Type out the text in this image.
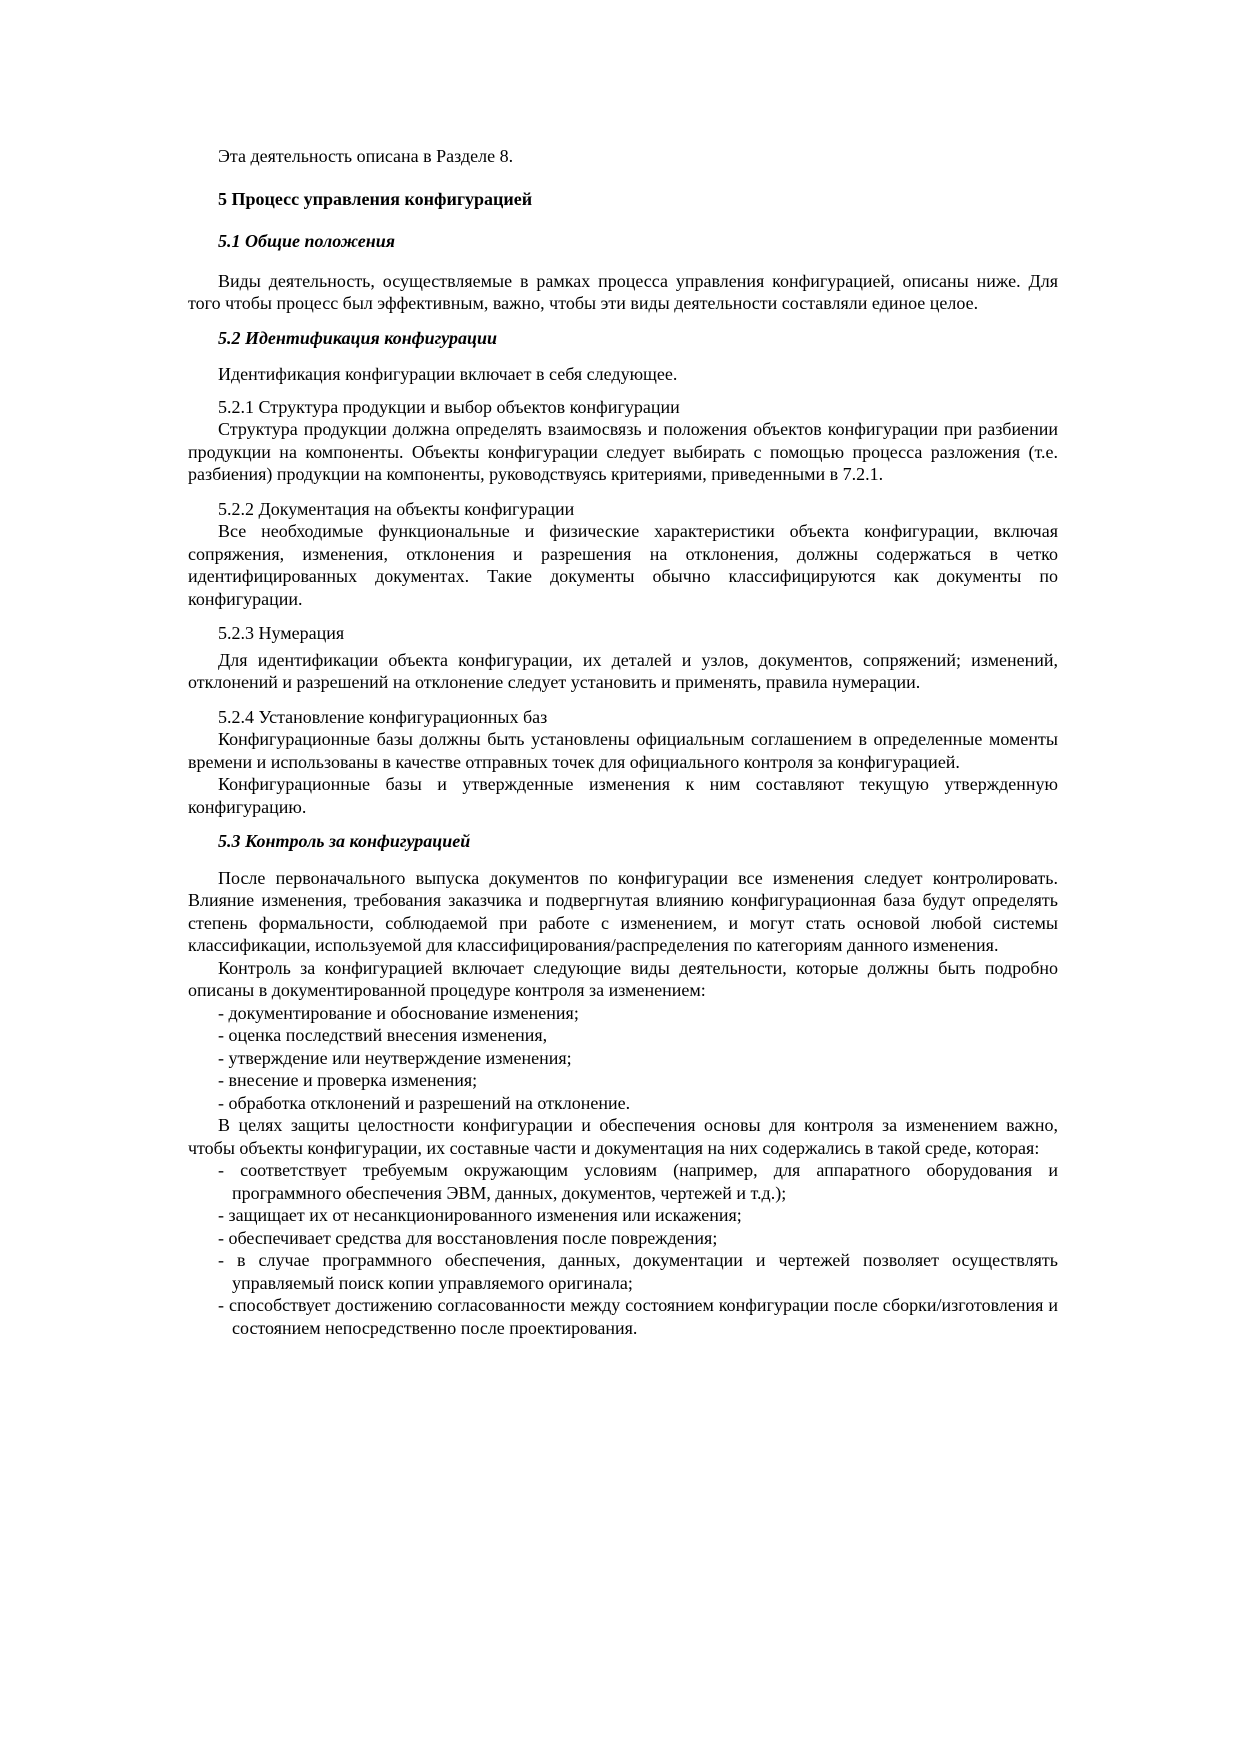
Эта деятельность описана в Разделе 8.

5 Процесс управления конфигурацией

5.1 Общие положения

Виды деятельность, осуществляемые в рамках процесса управления конфигурацией, описаны ниже. Для того чтобы процесс был эффективным, важно, чтобы эти виды деятельности составляли единое целое.

5.2 Идентификация конфигурации

Идентификация конфигурации включает в себя следующее.

5.2.1 Структура продукции и выбор объектов конфигурации

Структура продукции должна определять взаимосвязь и положения объектов конфигурации при разбиении продукции на компоненты. Объекты конфигурации следует выбирать с помощью процесса разложения (т.е. разбиения) продукции на компоненты, руководствуясь критериями, приведенными в 7.2.1.

5.2.2 Документация на объекты конфигурации

Все необходимые функциональные и физические характеристики объекта конфигурации, включая сопряжения, изменения, отклонения и разрешения на отклонения, должны содержаться в четко идентифицированных документах. Такие документы обычно классифицируются как документы по конфигурации.

5.2.3 Нумерация

Для идентификации объекта конфигурации, их деталей и узлов, документов, сопряжений; изменений, отклонений и разрешений на отклонение следует установить и применять, правила нумерации.

5.2.4 Установление конфигурационных баз

Конфигурационные базы должны быть установлены официальным соглашением в определенные моменты времени и использованы в качестве отправных точек для официального контроля за конфигурацией.

Конфигурационные базы и утвержденные изменения к ним составляют текущую утвержденную конфигурацию.

5.3 Контроль за конфигурацией

После первоначального выпуска документов по конфигурации все изменения следует контролировать. Влияние изменения, требования заказчика и подвергнутая влиянию конфигурационная база будут определять степень формальности, соблюдаемой при работе с изменением, и могут стать основой любой системы классификации, используемой для классифицирования/распределения по категориям данного изменения.

Контроль за конфигурацией включает следующие виды деятельности, которые должны быть подробно описаны в документированной процедуре контроля за изменением:

- документирование и обоснование изменения;

- оценка последствий внесения изменения,

- утверждение или неутверждение изменения;

- внесение и проверка изменения;

- обработка отклонений и разрешений на отклонение.

В целях защиты целостности конфигурации и обеспечения основы для контроля за изменением важно, чтобы объекты конфигурации, их составные части и документация на них содержались в такой среде, которая:

- соответствует требуемым окружающим условиям (например, для аппаратного оборудования и программного обеспечения ЭВМ, данных, документов, чертежей и т.д.);

- защищает их от несанкционированного изменения или искажения;

- обеспечивает средства для восстановления после повреждения;

- в случае программного обеспечения, данных, документации и чертежей позволяет осуществлять управляемый поиск копии управляемого оригинала;

- способствует достижению согласованности между состоянием конфигурации после сборки/изготовления и состоянием непосредственно после проектирования.
